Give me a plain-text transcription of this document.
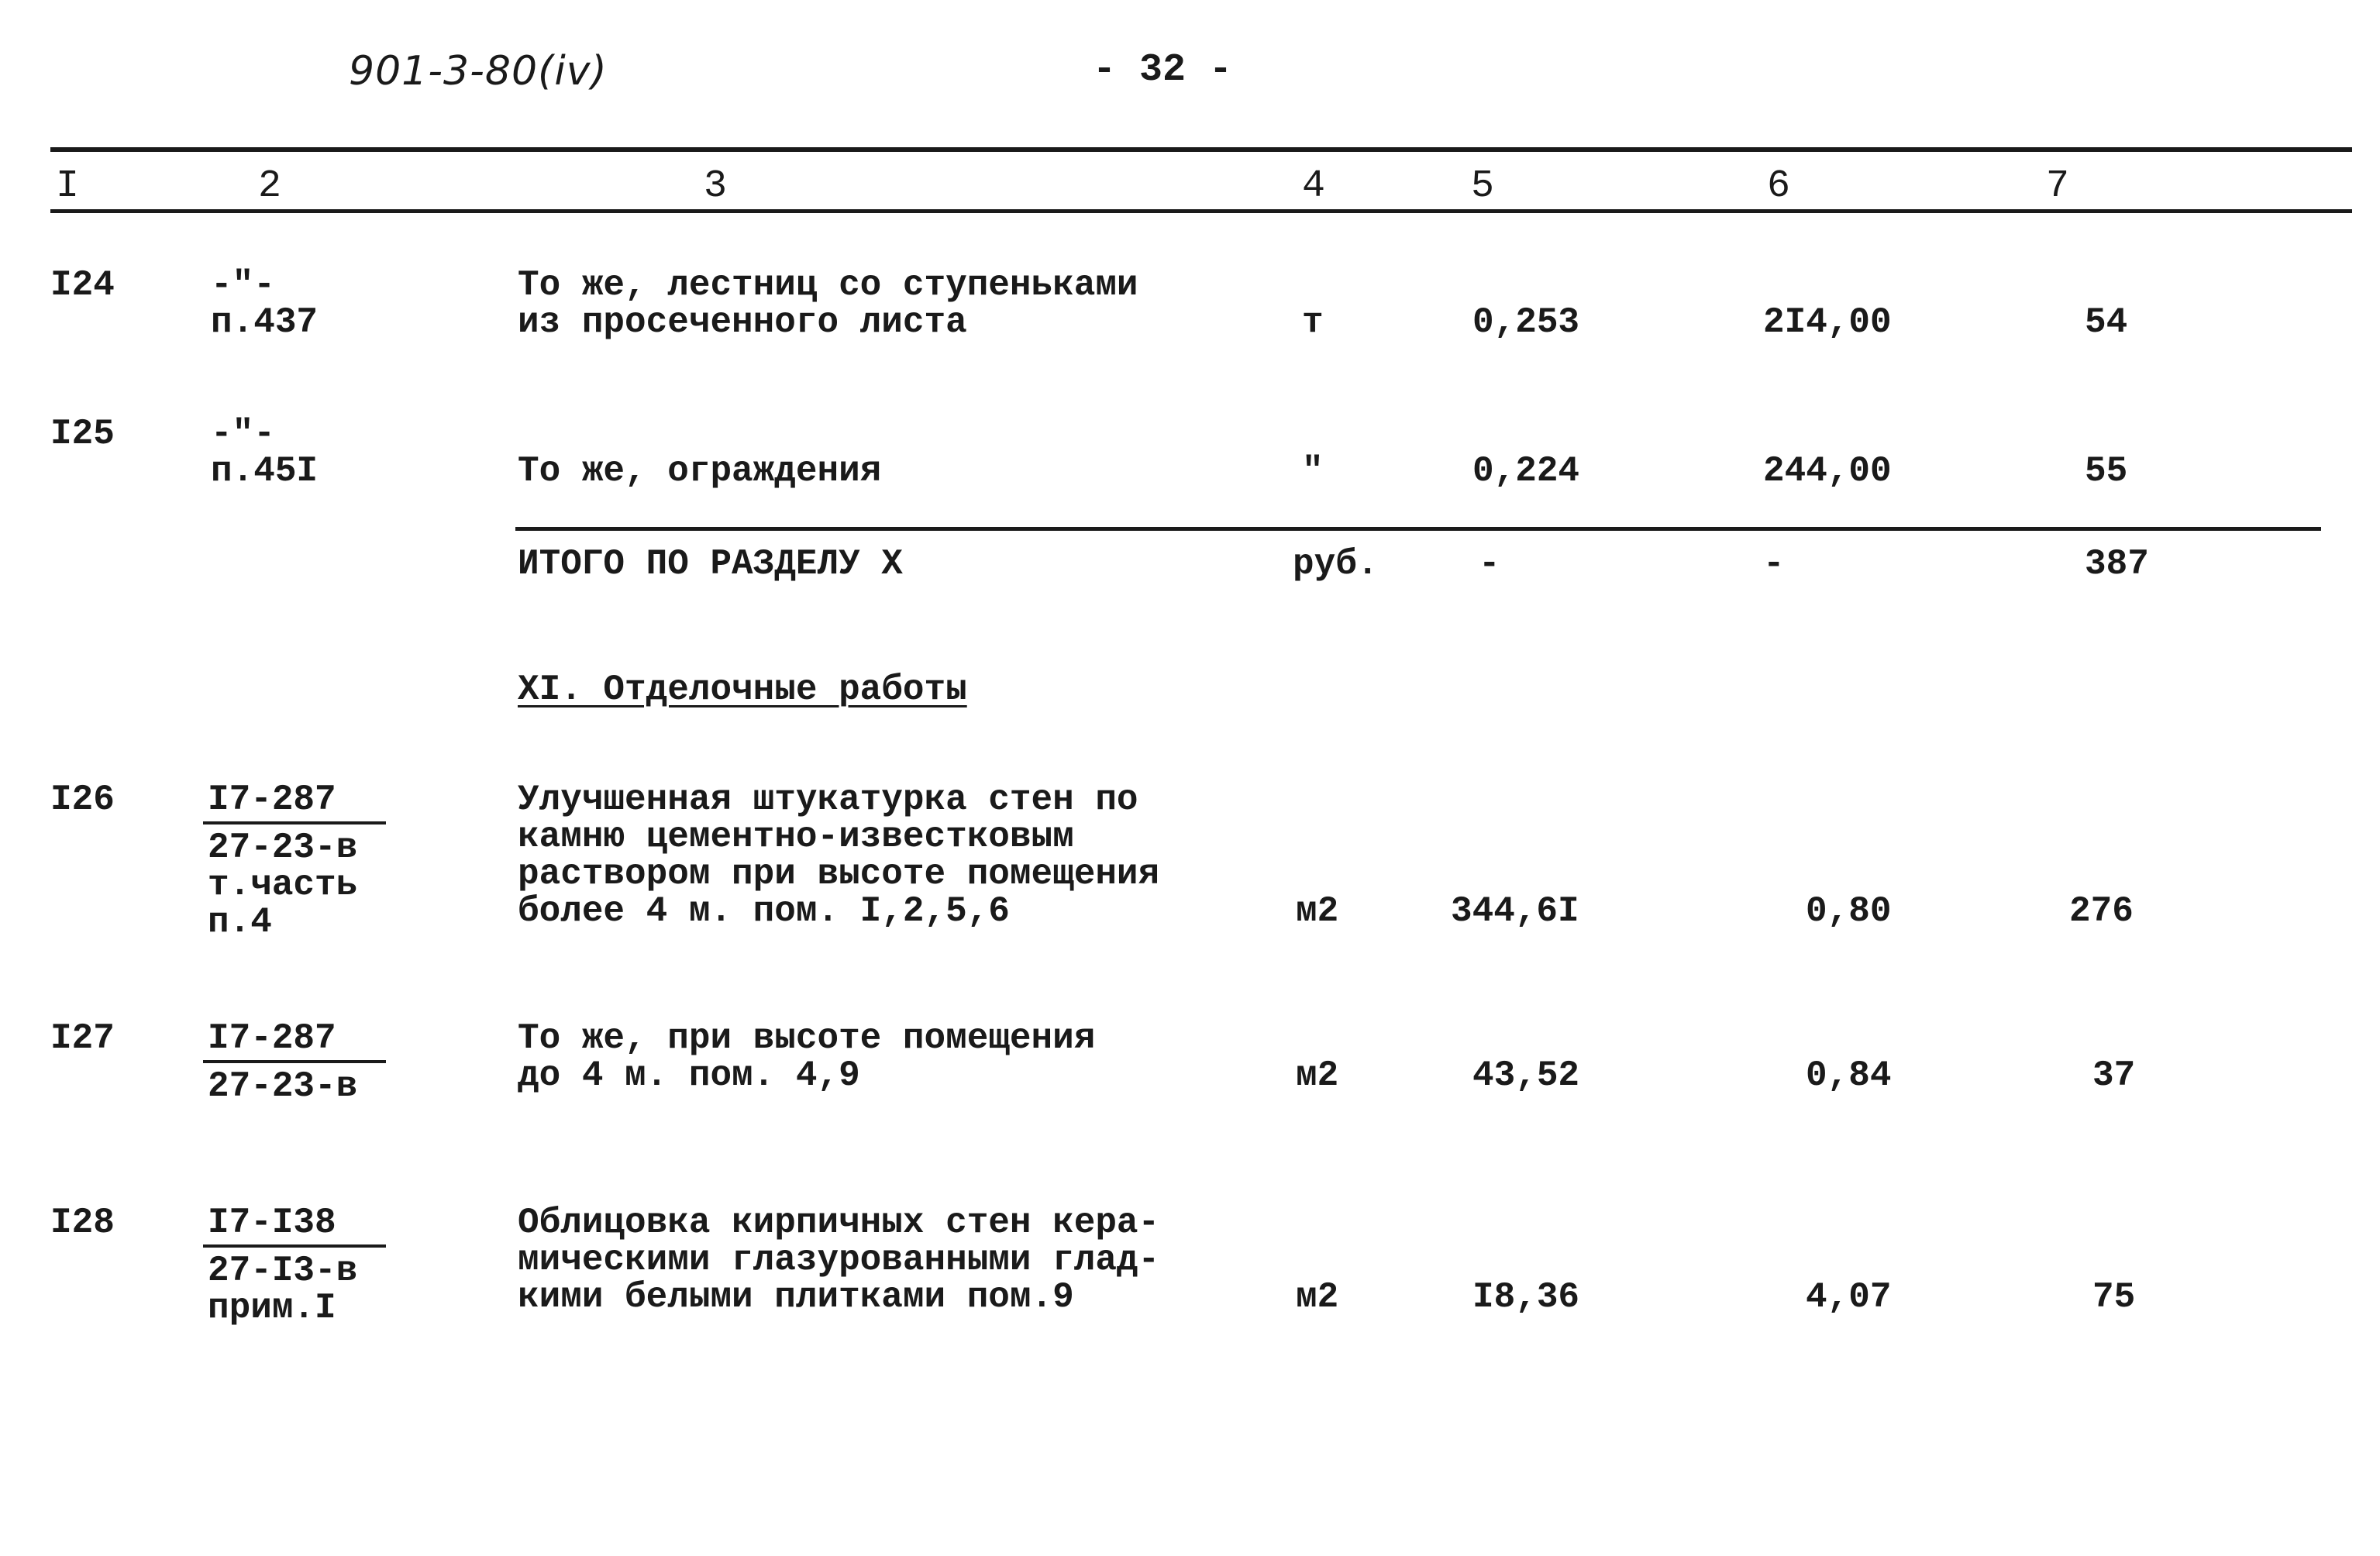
901-3-80(iv)	- 32 -
I	2	3	4	5	6	7
I24	-"-
п.437
То же, лестниц со ступеньками
из просеченного листа	т	0,253	2I4,00	54
I25	-"-
п.45I	То же, ограждения	"	0,224	244,00	55
ИТОГО ПО РАЗДЕЛУ X	руб.	-	-	387
XI. Отделочные работы
I26	I7-287
27-23-в
т.часть
п.4
Улучшенная штукатурка стен по
камню цементно-известковым
раствором при высоте помещения
более 4 м. пом. I,2,5,6	м2	344,6I	0,80	276
I27	I7-287
27-23-в
То же, при высоте помещения
до 4 м. пом. 4,9	м2	43,52	0,84	37
I28	I7-I38
27-I3-в
прим.I
Облицовка кирпичных стен кера-
мическими глазурованными глад-
кими белыми плитками пом.9	м2	I8,36	4,07	75
